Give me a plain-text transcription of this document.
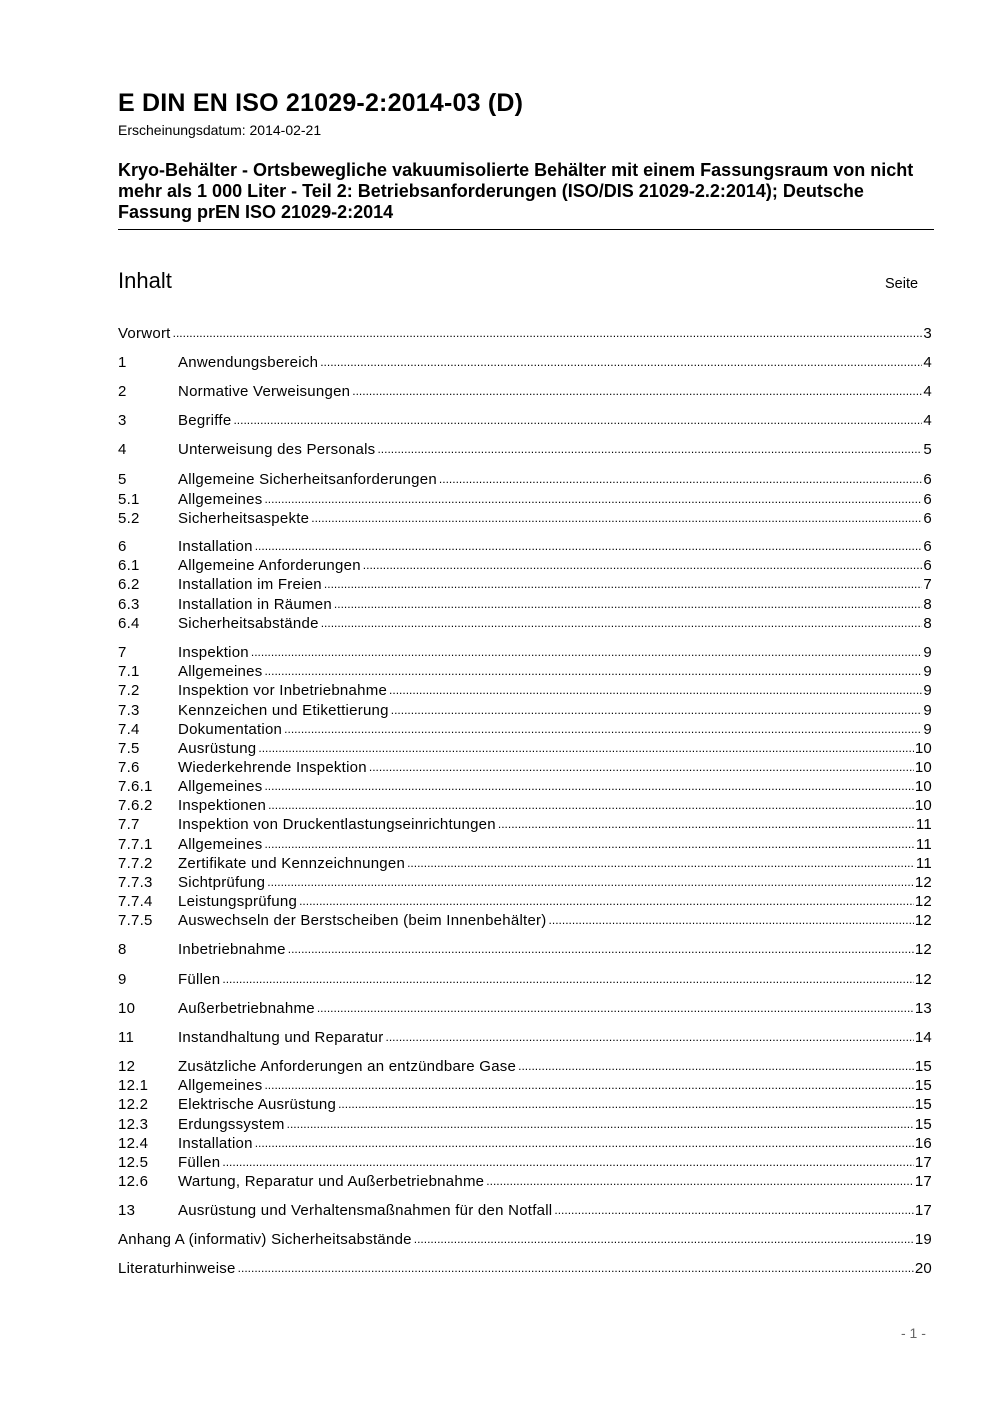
E DIN EN ISO 21029-2:2014-03 (D)
Erscheinungsdatum: 2014-02-21
Kryo-Behälter - Ortsbewegliche vakuumisolierte Behälter mit einem Fassungsraum von nicht mehr als 1 000 Liter - Teil 2: Betriebsanforderungen (ISO/DIS 21029-2.2:2014); Deutsche Fassung prEN ISO 21029-2:2014
Inhalt	Seite
Vorwort .....	3
1	Anwendungsbereich .....	4
2	Normative Verweisungen .....	4
3	Begriffe .....	4
4	Unterweisung des Personals .....	5
5	Allgemeine Sicherheitsanforderungen .....	6
5.1	Allgemeines .....	6
5.2	Sicherheitsaspekte .....	6
6	Installation .....	6
6.1	Allgemeine Anforderungen .....	6
6.2	Installation im Freien .....	7
6.3	Installation in Räumen .....	8
6.4	Sicherheitsabstände .....	8
7	Inspektion .....	9
7.1	Allgemeines .....	9
7.2	Inspektion vor Inbetriebnahme .....	9
7.3	Kennzeichen und Etikettierung .....	9
7.4	Dokumentation .....	9
7.5	Ausrüstung .....	10
7.6	Wiederkehrende Inspektion .....	10
7.6.1	Allgemeines .....	10
7.6.2	Inspektionen .....	10
7.7	Inspektion von Druckentlastungseinrichtungen .....	11
7.7.1	Allgemeines .....	11
7.7.2	Zertifikate und Kennzeichnungen .....	11
7.7.3	Sichtprüfung .....	12
7.7.4	Leistungsprüfung .....	12
7.7.5	Auswechseln der Berstscheiben (beim Innenbehälter) .....	12
8	Inbetriebnahme .....	12
9	Füllen .....	12
10	Außerbetriebnahme .....	13
11	Instandhaltung und Reparatur .....	14
12	Zusätzliche Anforderungen an entzündbare Gase .....	15
12.1	Allgemeines .....	15
12.2	Elektrische Ausrüstung .....	15
12.3	Erdungssystem .....	15
12.4	Installation .....	16
12.5	Füllen .....	17
12.6	Wartung, Reparatur und Außerbetriebnahme .....	17
13	Ausrüstung und Verhaltensmaßnahmen für den Notfall .....	17
Anhang A (informativ) Sicherheitsabstände .....	19
Literaturhinweise .....	20
- 1 -
